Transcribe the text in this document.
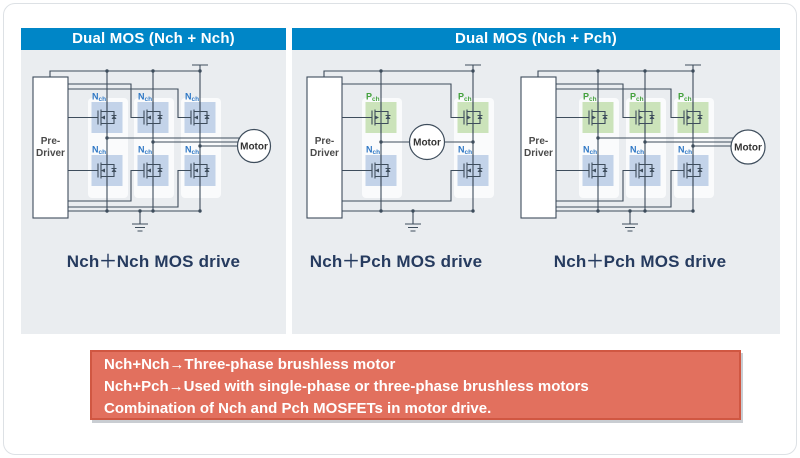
Dual MOS (Nch + Nch)
Motor
Pre-
Driver
Nch
Nch
Nch
Nch
Nch
Nch
Nch＋Nch MOS drive
Dual MOS (Nch + Pch)
Motor
Pre-
Driver
Pch
Nch
Pch
Nch
Nch＋Pch MOS drive
Motor
Pre-
Driver
Pch
Nch
Pch
Nch
Pch
Nch
Nch＋Pch MOS drive
Nch+Nch→Three-phase brushless motor
Nch+Pch→Used with single-phase or three-phase brushless motors
Combination of Nch and Pch MOSFETs in motor drive.
